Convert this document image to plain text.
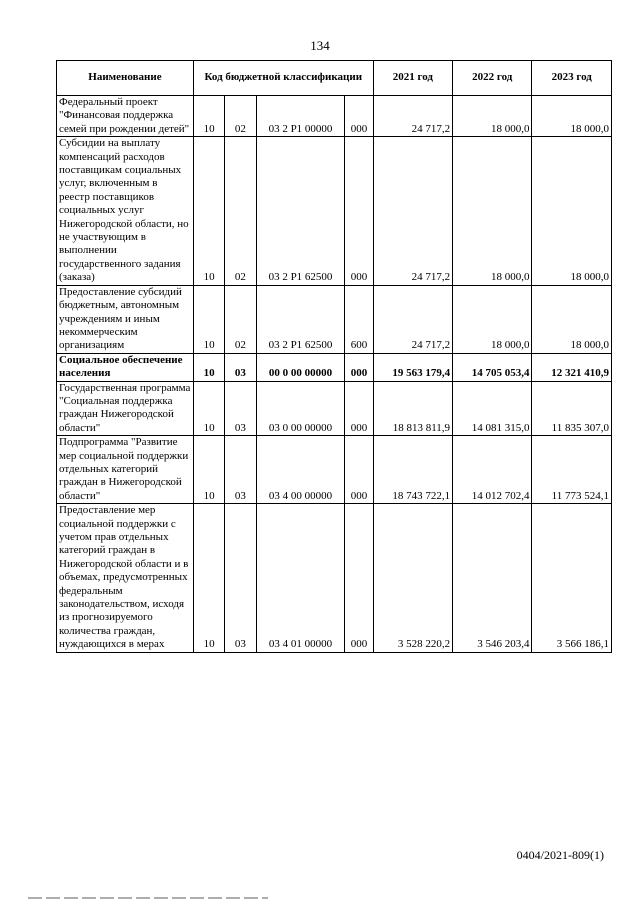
134
Наименование	Код бюджетной классификации				2021 год	2022 год	2023 год
Федеральный проект "Финансовая поддержка семей при рождении детей"	10	02	03 2 P1 00000	000	24 717,2	18 000,0	18 000,0
Субсидии на выплату компенсаций расходов поставщикам социальных услуг, включенным в реестр поставщиков социальных услуг Нижегородской области, но не участвующим в выполнении государственного задания (заказа)	10	02	03 2 P1 62500	000	24 717,2	18 000,0	18 000,0
Предоставление субсидий бюджетным, автономным учреждениям и иным некоммерческим организациям	10	02	03 2 P1 62500	600	24 717,2	18 000,0	18 000,0
Социальное обеспечение населения	10	03	00 0 00 00000	000	19 563 179,4	14 705 053,4	12 321 410,9
Государственная программа "Социальная поддержка граждан Нижегородской области"	10	03	03 0 00 00000	000	18 813 811,9	14 081 315,0	11 835 307,0
Подпрограмма "Развитие мер социальной поддержки отдельных категорий граждан в Нижегородской области"	10	03	03 4 00 00000	000	18 743 722,1	14 012 702,4	11 773 524,1
Предоставление мер социальной поддержки с учетом прав отдельных категорий граждан в Нижегородской области и в объемах, предусмотренных федеральным законодательством, исходя из прогнозируемого количества граждан, нуждающихся в мерах	10	03	03 4 01 00000	000	3 528 220,2	3 546 203,4	3 566 186,1
0404/2021-809(1)
